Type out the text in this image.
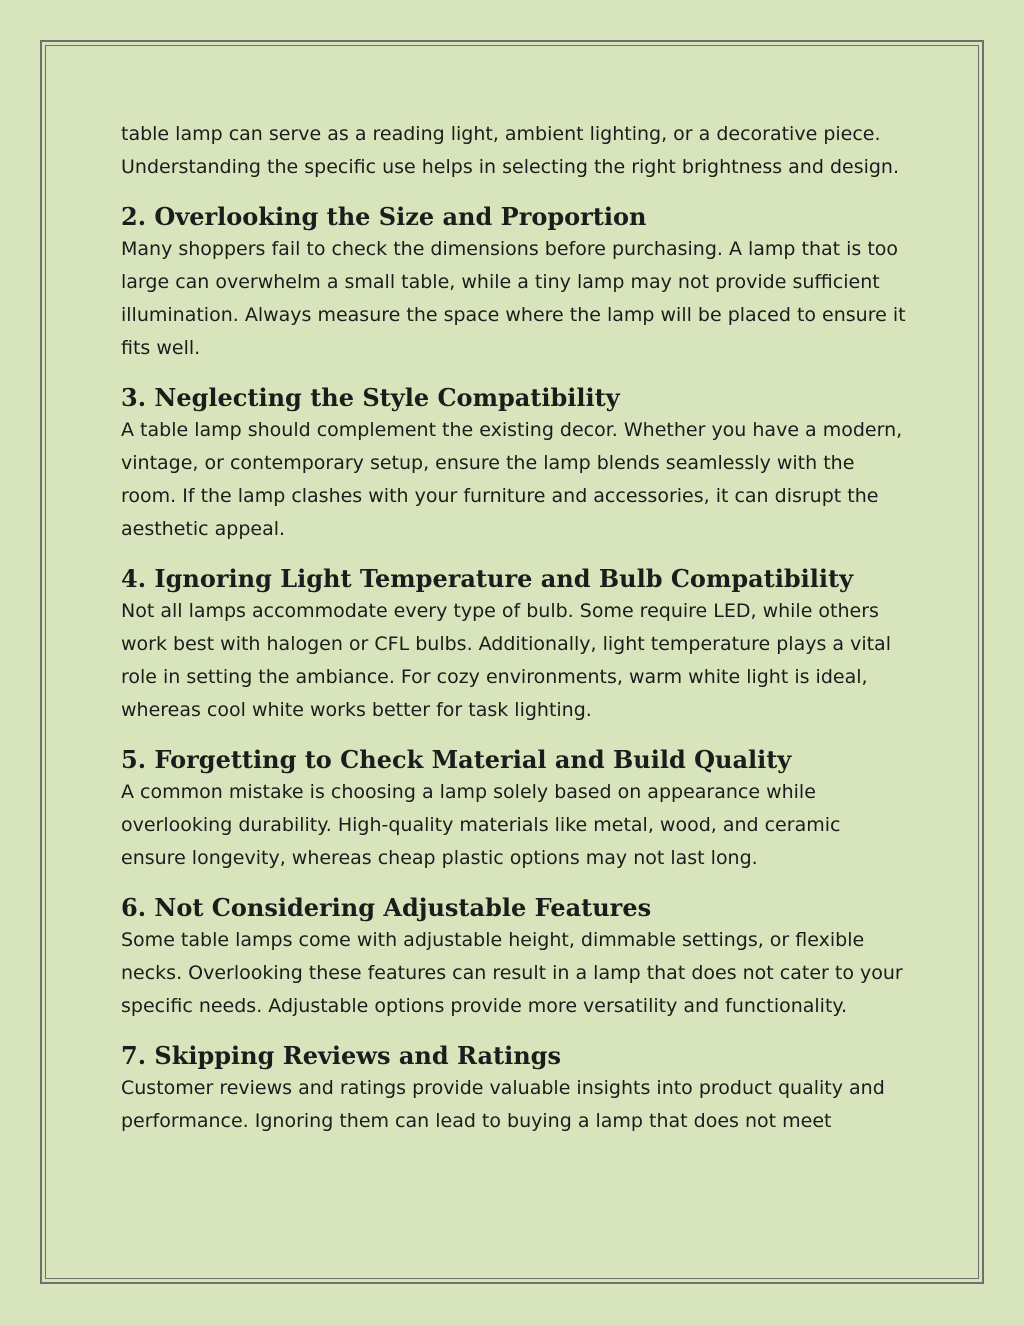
table lamp can serve as a reading light, ambient lighting, or a decorative piece. Understanding the specific use helps in selecting the right brightness and design.

2. Overlooking the Size and Proportion

Many shoppers fail to check the dimensions before purchasing. A lamp that is too large can overwhelm a small table, while a tiny lamp may not provide sufficient illumination. Always measure the space where the lamp will be placed to ensure it fits well.

3. Neglecting the Style Compatibility

A table lamp should complement the existing decor. Whether you have a modern, vintage, or contemporary setup, ensure the lamp blends seamlessly with the room. If the lamp clashes with your furniture and accessories, it can disrupt the aesthetic appeal.

4. Ignoring Light Temperature and Bulb Compatibility

Not all lamps accommodate every type of bulb. Some require LED, while others work best with halogen or CFL bulbs. Additionally, light temperature plays a vital role in setting the ambiance. For cozy environments, warm white light is ideal, whereas cool white works better for task lighting.

5. Forgetting to Check Material and Build Quality

A common mistake is choosing a lamp solely based on appearance while overlooking durability. High-quality materials like metal, wood, and ceramic ensure longevity, whereas cheap plastic options may not last long.

6. Not Considering Adjustable Features

Some table lamps come with adjustable height, dimmable settings, or flexible necks. Overlooking these features can result in a lamp that does not cater to your specific needs. Adjustable options provide more versatility and functionality.

7. Skipping Reviews and Ratings

Customer reviews and ratings provide valuable insights into product quality and performance. Ignoring them can lead to buying a lamp that does not meet
